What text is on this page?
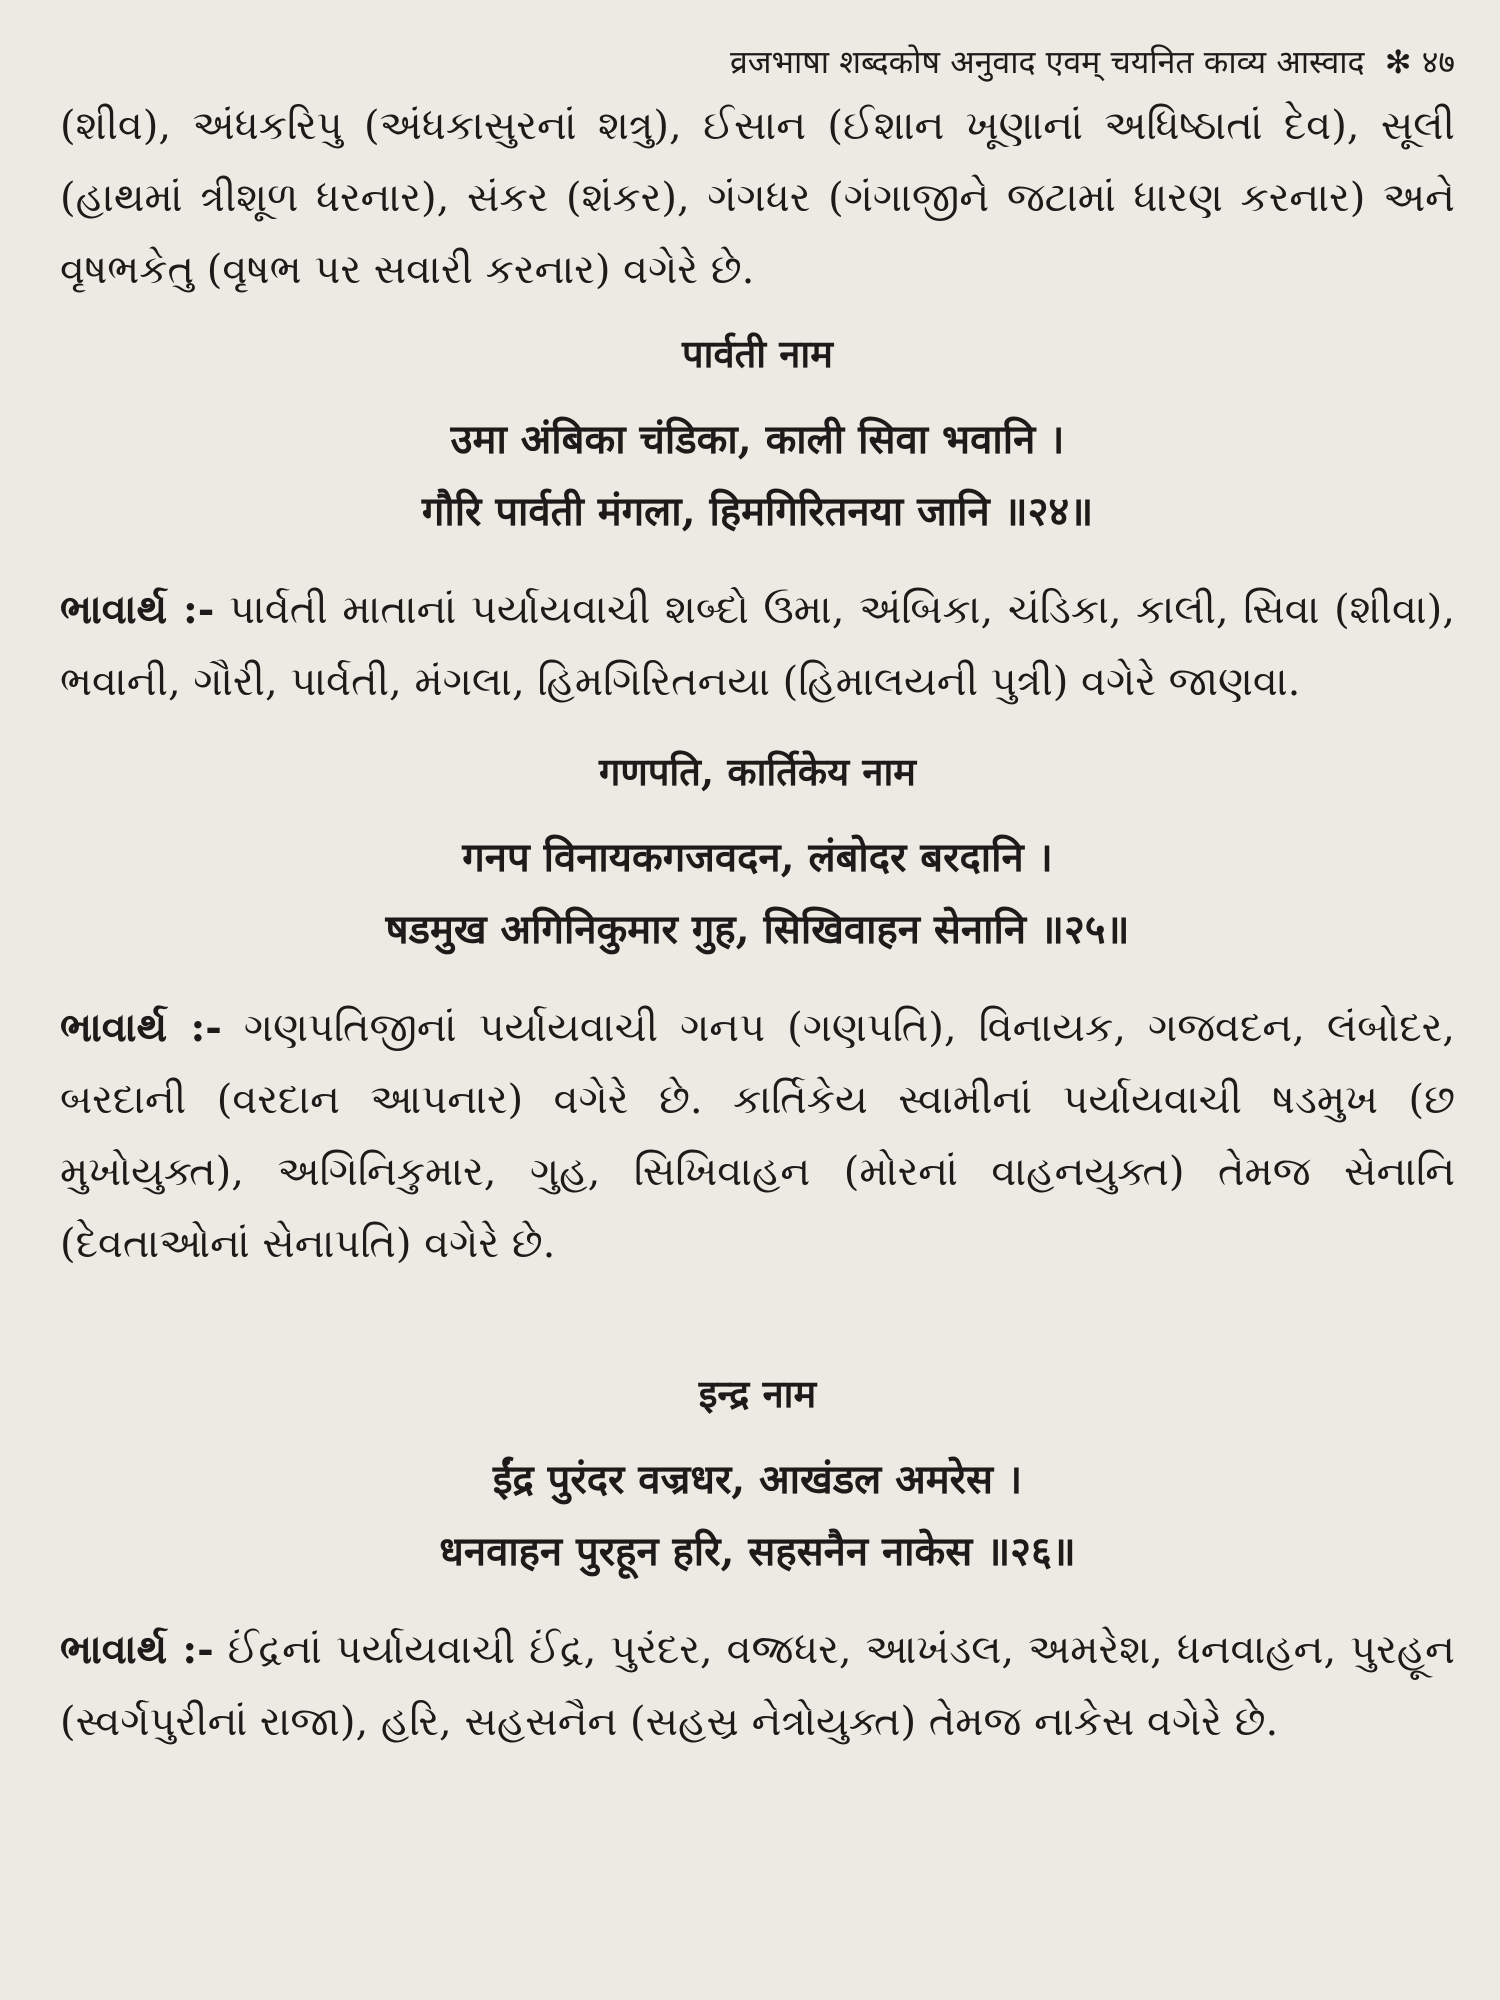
व्रजभाषा शब्दकोष अनुवाद एवम् चयनित काव्य आस्वाद ✻ ४७

(શીવ), અંધકરિપુ (અંધકાસુરનાં શત્રુ), ઈસાન (ઈશાન ખૂણાનાં અધિષ્ઠાતાં દેવ), સૂલી (હાથમાં ત્રીશૂળ ધરનાર), સંકર (શંકર), ગંગધર (ગંગાજીને જટામાં ધારણ કરનાર) અને વૃષભકેતુ (વૃષભ પર સવારી કરનાર) વગેરે છે.

पार्वती नाम

उमा अंबिका चंडिका, काली सिवा भवानि ।

गौरि पार्वती मंगला, हिमगिरितनया जानि ॥२४॥

ભાવાર્થ :- પાર્વતી માતાનાં પર્યાયવાચી શબ્દો ઉમા, અંબિકા, ચંડિકા, કાલી, સિવા (શીવા), ભવાની, ગૌરી, પાર્વતી, મંગલા, હિમગિરિતનયા (હિમાલયની પુત્રી) વગેરે જાણવા.

गणपति, कार्तिकेय नाम

गनप विनायकगजवदन, लंबोदर बरदानि ।

षडमुख अगिनिकुमार गुह, सिखिवाहन सेनानि ॥२५॥

ભાવાર્થ :- ગણપતિજીનાં પર્યાયવાચી ગનપ (ગણપતિ), વિનાયક, ગજવદન, લંબોદર, બરદાની (વરદાન આપનાર) વગેરે છે. કાર્તિકેય સ્વામીનાં પર્યાયવાચી ષડમુખ (છ મુખોયુક્ત), અગિનિકુમાર, ગુહ, સિખિવાહન (મોરનાં વાહનયુક્ત) તેમજ સેનાનિ (દેવતાઓનાં સેનાપતિ) વગેરે છે.

इन्द्र नाम

ईंद्र पुरंदर वज्रधर, आखंडल अमरेस ।

धनवाहन पुरहून हरि, सहसनैन नाकेस ॥२६॥

ભાવાર્થ :- ઈંદ્રનાં પર્યાયવાચી ઈંદ્ર, પુરંદર, વજ્રધર, આખંડલ, અમરેશ, ધનવાહન, પુરહૂન (સ્વર્ગપુરીનાં રાજા), હરિ, સહસનૈન (સહસ્ર નેત્રોયુક્ત) તેમજ નાકેસ વગેરે છે.
